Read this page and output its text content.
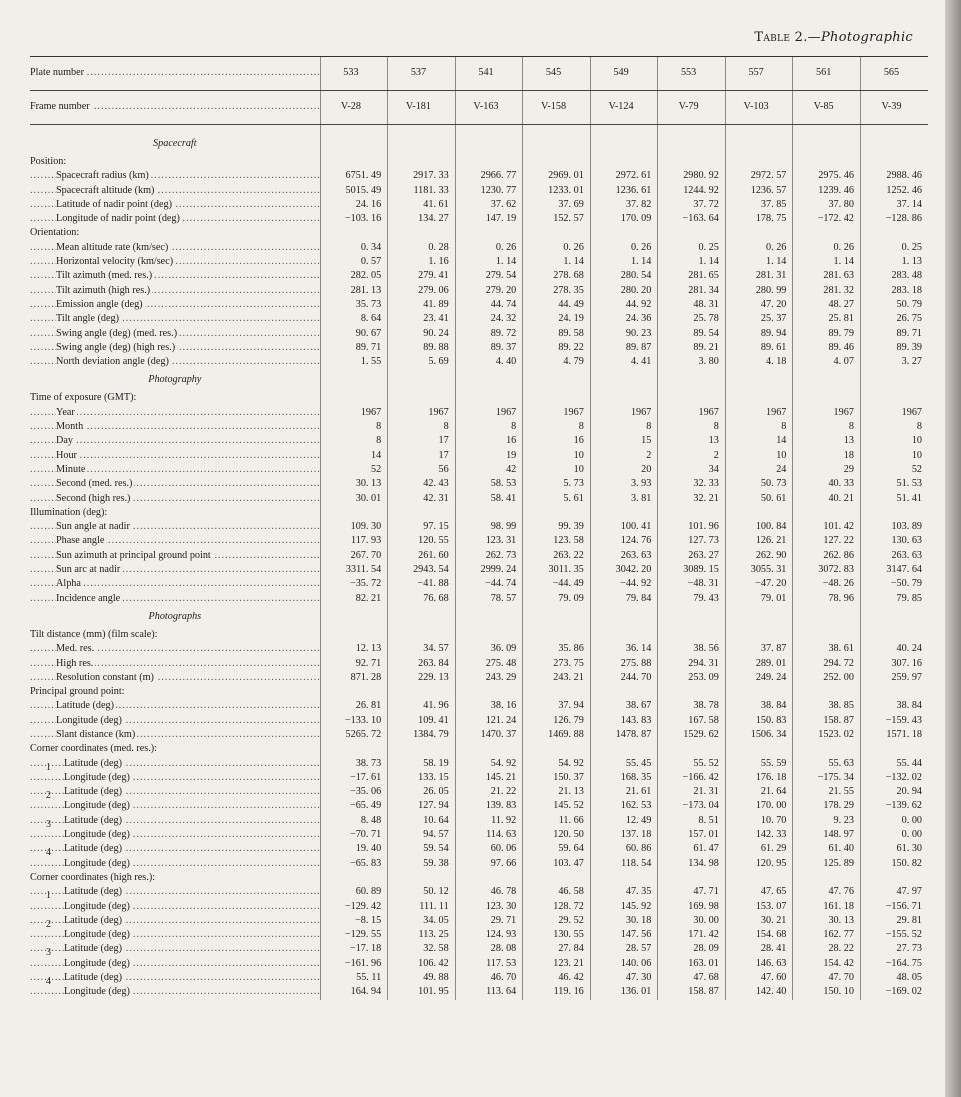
Table 2.—Photographic
Plate number .....	533	537	541	545	549	553	557	561	565

Frame number .....	V-28	V-181	V-163	V-158	V-124	V-79	V-103	V-85	V-39

Spacecraft									

Position:									

Spacecraft radius (km) .....	6751. 49	2917. 33	2966. 77	2969. 01	2972. 61	2980. 92	2972. 57	2975. 46	2988. 46

Spacecraft altitude (km) .....	5015. 49	1181. 33	1230. 77	1233. 01	1236. 61	1244. 92	1236. 57	1239. 46	1252. 46

Latitude of nadir point (deg) .....	24. 16	41. 61	37. 62	37. 69	37. 82	37. 72	37. 85	37. 80	37. 14

Longitude of nadir point (deg) .....	−103. 16	134. 27	147. 19	152. 57	170. 09	−163. 64	178. 75	−172. 42	−128. 86

Orientation:									

Mean altitude rate (km/sec) .....	0. 34	0. 28	0. 26	0. 26	0. 26	0. 25	0. 26	0. 26	0. 25

Horizontal velocity (km/sec) .....	0. 57	1. 16	1. 14	1. 14	1. 14	1. 14	1. 14	1. 14	1. 13

Tilt azimuth (med. res.) .....	282. 05	279. 41	279. 54	278. 68	280. 54	281. 65	281. 31	281. 63	283. 48

Tilt azimuth (high res.) .....	281. 13	279. 06	279. 20	278. 35	280. 20	281. 34	280. 99	281. 32	283. 18

Emission angle (deg) .....	35. 73	41. 89	44. 74	44. 49	44. 92	48. 31	47. 20	48. 27	50. 79

Tilt angle (deg) .....	8. 64	23. 41	24. 32	24. 19	24. 36	25. 78	25. 37	25. 81	26. 75

Swing angle (deg) (med. res.) .....	90. 67	90. 24	89. 72	89. 58	90. 23	89. 54	89. 94	89. 79	89. 71

Swing angle (deg) (high res.) .....	89. 71	89. 88	89. 37	89. 22	89. 87	89. 21	89. 61	89. 46	89. 39

North deviation angle (deg) .....	1. 55	5. 69	4. 40	4. 79	4. 41	3. 80	4. 18	4. 07	3. 27

Photography									

Time of exposure (GMT):									

Year .....	1967	1967	1967	1967	1967	1967	1967	1967	1967

Month .....	8	8	8	8	8	8	8	8	8

Day .....	8	17	16	16	15	13	14	13	10

Hour .....	14	17	19	10	2	2	10	18	10

Minute .....	52	56	42	10	20	34	24	29	52

Second (med. res.) .....	30. 13	42. 43	58. 53	5. 73	3. 93	32. 33	50. 73	40. 33	51. 53

Second (high res.) .....	30. 01	42. 31	58. 41	5. 61	3. 81	32. 21	50. 61	40. 21	51. 41

Illumination (deg):									

Sun angle at nadir .....	109. 30	97. 15	98. 99	99. 39	100. 41	101. 96	100. 84	101. 42	103. 89

Phase angle .....	117. 93	120. 55	123. 31	123. 58	124. 76	127. 73	126. 21	127. 22	130. 63

Sun azimuth at principal ground point .....	267. 70	261. 60	262. 73	263. 22	263. 63	263. 27	262. 90	262. 86	263. 63

Sun arc at nadir .....	3311. 54	2943. 54	2999. 24	3011. 35	3042. 20	3089. 15	3055. 31	3072. 83	3147. 64

Alpha .....	−35. 72	−41. 88	−44. 74	−44. 49	−44. 92	−48. 31	−47. 20	−48. 26	−50. 79

Incidence angle .....	82. 21	76. 68	78. 57	79. 09	79. 84	79. 43	79. 01	78. 96	79. 85

Photographs									

Tilt distance (mm) (film scale):									

Med. res. .....	12. 13	34. 57	36. 09	35. 86	36. 14	38. 56	37. 87	38. 61	40. 24

High res. .....	92. 71	263. 84	275. 48	273. 75	275. 88	294. 31	289. 01	294. 72	307. 16

Resolution constant (m) .....	871. 28	229. 13	243. 29	243. 21	244. 70	253. 09	249. 24	252. 00	259. 97

Principal ground point:									

Latitude (deg) .....	26. 81	41. 96	38. 16	37. 94	38. 67	38. 78	38. 84	38. 85	38. 84

Longitude (deg) .....	−133. 10	109. 41	121. 24	126. 79	143. 83	167. 58	150. 83	158. 87	−159. 43

Slant distance (km) .....	5265. 72	1384. 79	1470. 37	1469. 88	1478. 87	1529. 62	1506. 34	1523. 02	1571. 18

Corner coordinates (med. res.):									

1 Latitude (deg) .....	38. 73	58. 19	54. 92	54. 92	55. 45	55. 52	55. 59	55. 63	55. 44

Longitude (deg) .....	−17. 61	133. 15	145. 21	150. 37	168. 35	−166. 42	176. 18	−175. 34	−132. 02

2 Latitude (deg) .....	−35. 06	26. 05	21. 22	21. 13	21. 61	21. 31	21. 64	21. 55	20. 94

Longitude (deg) .....	−65. 49	127. 94	139. 83	145. 52	162. 53	−173. 04	170. 00	178. 29	−139. 62

3 Latitude (deg) .....	8. 48	10. 64	11. 92	11. 66	12. 49	8. 51	10. 70	9. 23	0. 00

Longitude (deg) .....	−70. 71	94. 57	114. 63	120. 50	137. 18	157. 01	142. 33	148. 97	0. 00

4 Latitude (deg) .....	19. 40	59. 54	60. 06	59. 64	60. 86	61. 47	61. 29	61. 40	61. 30

Longitude (deg) .....	−65. 83	59. 38	97. 66	103. 47	118. 54	134. 98	120. 95	125. 89	150. 82

Corner coordinates (high res.):									

1 Latitude (deg) .....	60. 89	50. 12	46. 78	46. 58	47. 35	47. 71	47. 65	47. 76	47. 97

Longitude (deg) .....	−129. 42	111. 11	123. 30	128. 72	145. 92	169. 98	153. 07	161. 18	−156. 71

2 Latitude (deg) .....	−8. 15	34. 05	29. 71	29. 52	30. 18	30. 00	30. 21	30. 13	29. 81

Longitude (deg) .....	−129. 55	113. 25	124. 93	130. 55	147. 56	171. 42	154. 68	162. 77	−155. 52

3 Latitude (deg) .....	−17. 18	32. 58	28. 08	27. 84	28. 57	28. 09	28. 41	28. 22	27. 73

Longitude (deg) .....	−161. 96	106. 42	117. 53	123. 21	140. 06	163. 01	146. 63	154. 42	−164. 75

4 Latitude (deg) .....	55. 11	49. 88	46. 70	46. 42	47. 30	47. 68	47. 60	47. 70	48. 05

Longitude (deg) .....	164. 94	101. 95	113. 64	119. 16	136. 01	158. 87	142. 40	150. 10	−169. 02
